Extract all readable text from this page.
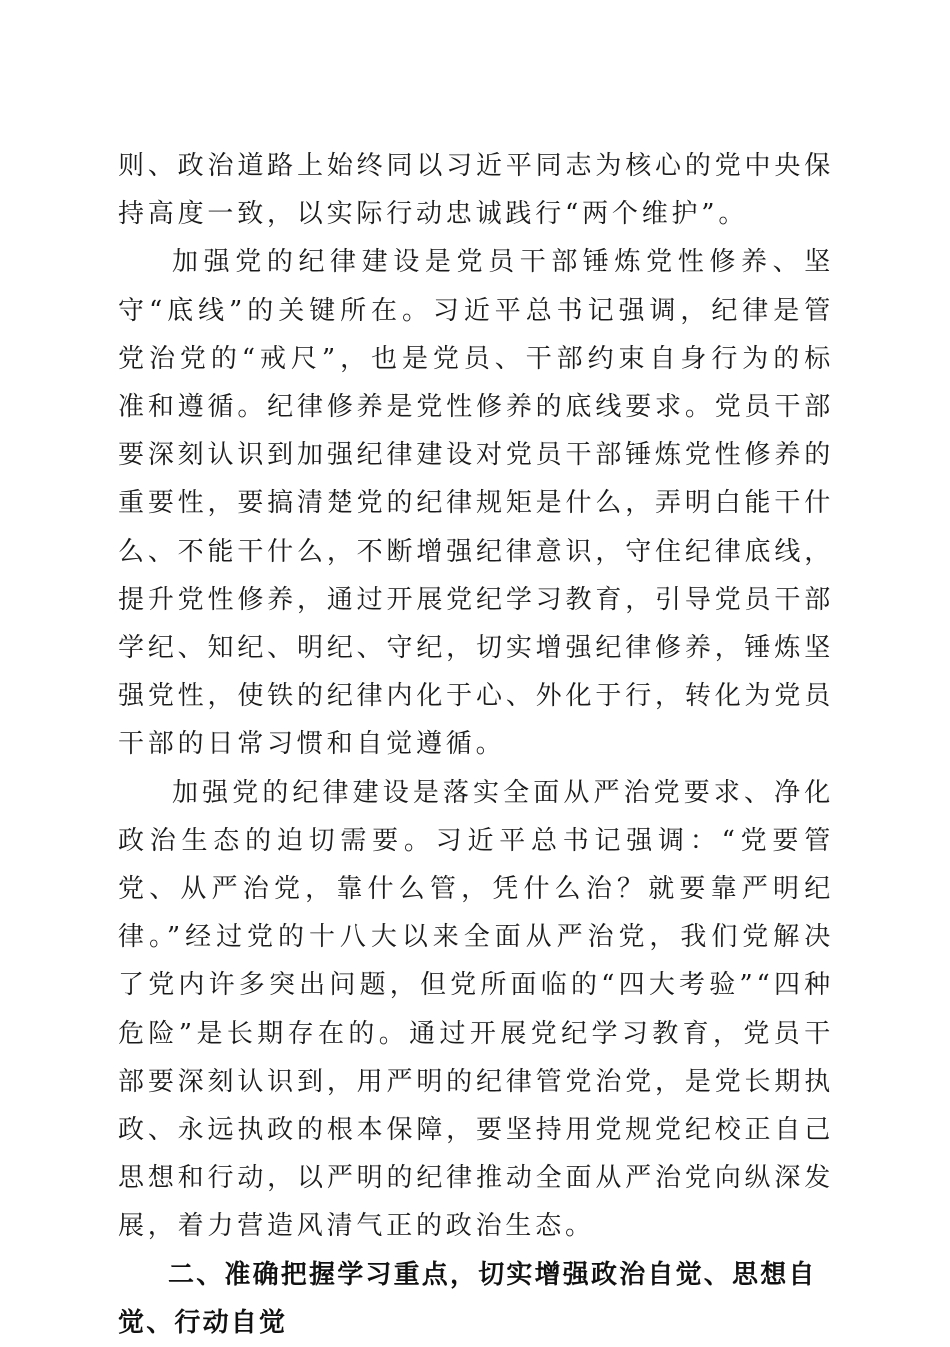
则、政治道路上始终同以习近平同志为核心的党中央保持高度一致，以实际行动忠诚践行“两个维护”。

加强党的纪律建设是党员干部锤炼党性修养、坚守“底线”的关键所在。习近平总书记强调，纪律是管党治党的“戒尺”，也是党员、干部约束自身行为的标准和遵循。纪律修养是党性修养的底线要求。党员干部要深刻认识到加强纪律建设对党员干部锤炼党性修养的重要性，要搞清楚党的纪律规矩是什么，弄明白能干什么、不能干什么，不断增强纪律意识，守住纪律底线，提升党性修养，通过开展党纪学习教育，引导党员干部学纪、知纪、明纪、守纪，切实增强纪律修养，锤炼坚强党性，使铁的纪律内化于心、外化于行，转化为党员干部的日常习惯和自觉遵循。

加强党的纪律建设是落实全面从严治党要求、净化政治生态的迫切需要。习近平总书记强调：“党要管党、从严治党，靠什么管，凭什么治？就要靠严明纪律。”经过党的十八大以来全面从严治党，我们党解决了党内许多突出问题，但党所面临的“四大考验”“四种危险”是长期存在的。通过开展党纪学习教育，党员干部要深刻认识到，用严明的纪律管党治党，是党长期执政、永远执政的根本保障，要坚持用党规党纪校正自己思想和行动，以严明的纪律推动全面从严治党向纵深发展，着力营造风清气正的政治生态。

二、准确把握学习重点，切实增强政治自觉、思想自觉、行动自觉
